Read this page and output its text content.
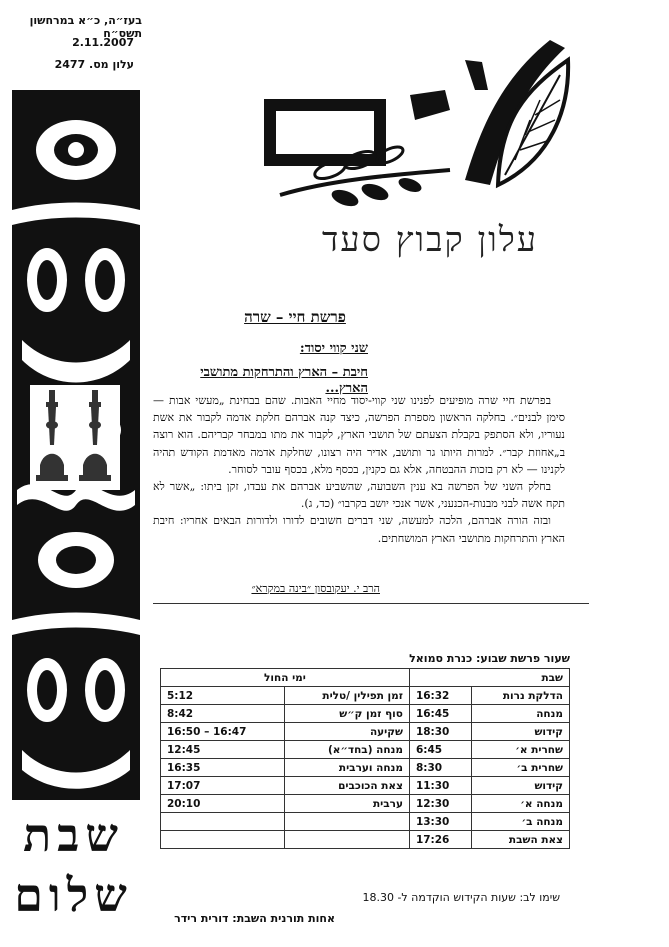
בעז״ה, כ״א במרחשון תשס״ח
2.11.2007
עלון מס. 2477
עלון קבוץ סעד
שבת
שלום
פרשת חיי – שרה
שני קווי יסוד:
חיבת – הארץ והתרחקות מתושבי הארץ...

בפרשת חיי שרה מופיעים לפנינו שני קווי-יסוד מחיי האבות. שהם בבחינת „מעשי אבות — סימן לבנים״. בחלקה הראשון מספרת הפרשה, כיצד קנה אברהם חלקת אדמה לקבור את אשת נעוריו, ולא הסתפק בקבלת הצעתם של תושבי הארץ, לקבור את מתו במבחר קבריהם. הוא רוצה ב„אחוזת קבר״. למרות היותו גר ותושב, אדיר היה רצונו, שחלקת אדמה מאדמת הקודש תהיה לקנינו — לא רק בזכות ההבטחה, אלא גם כקנין, בכסף מלא, בכסף עובר לסוחר.

בחלק השני של הפרשה בא ענין השבועה, שהשביע אברהם את עבדו, זקן ביתו: „אשר לא תקח אשה לבני מבנות-הכנעני, אשר אנכי יושב בקרבו״ (כד, ג).

ובזה הורה אברהם, הלכה למעשה, שני דברים חשובים לדורו ולדורות הבאים אחריו: חיבת הארץ והתרחקות מתושבי הארץ המושחתים.

הרב י. יעקובסון ״בינה במקרא״
שעור פרשת שבוע: כנרת סמואל
שבת		ימי החול	
הדלקת נרות	16:32	זמן תפילין /טלית	5:12
מנחה	16:45	סוף זמן ק״ש	8:42
קידוש	18:30	שקיעה	16:47 – 16:50
שחרית א׳	6:45	מנחה (בחד״א)	12:45
שחרית ב׳	8:30	מנחה וערבית	16:35
קידוש	11:30	צאת הכוכבים	17:07
מנחה א׳	12:30	ערבית	20:10
מנחה ב׳	13:30		
צאת השבת	17:26		
שימו לב: שעות הקידוש הוקדמה ל- 18.30
אחות תורנית השבת: דורית רידר
